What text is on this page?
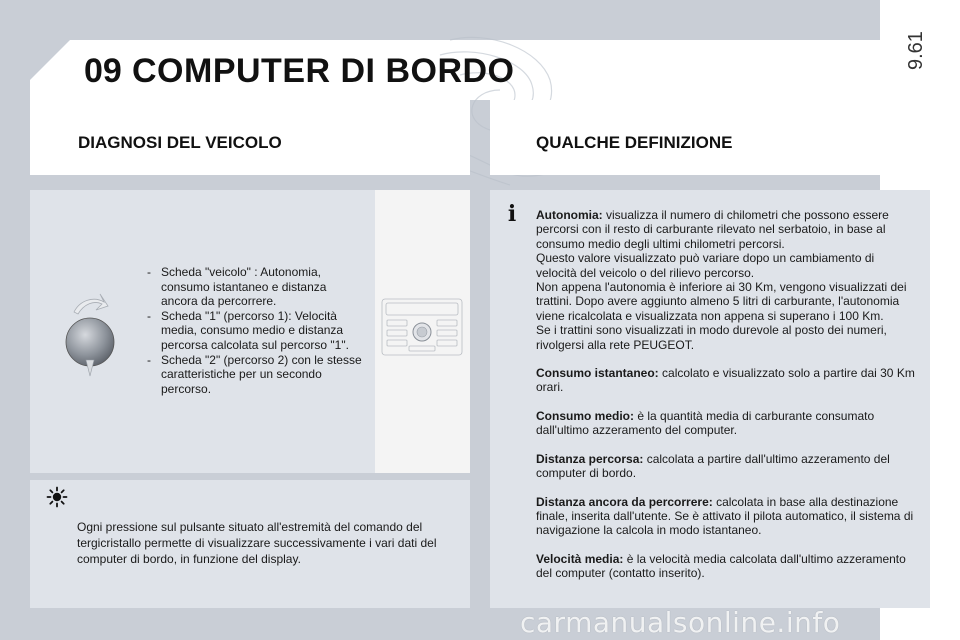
09 COMPUTER DI BORDO
9.61
DIAGNOSI DEL VEICOLO	QUALCHE DEFINIZIONE
- Scheda "veicolo" : Autonomia, consumo istantaneo e distanza ancora da percorrere.
- Scheda "1" (percorso 1): Velocità media, consumo medio e distanza percorsa calcolata sul percorso "1".
- Scheda "2" (percorso 2) con le stesse caratteristiche per un secondo percorso.
Ogni pressione sul pulsante situato all'estremità del comando del tergicristallo permette di visualizzare successivamente i vari dati del computer di bordo, in funzione del display.
i	Autonomia: visualizza il numero di chilometri che possono essere percorsi con il resto di carburante rilevato nel serbatoio, in base al consumo medio degli ultimi chilometri percorsi.
Questo valore visualizzato può variare dopo un cambiamento di velocità del veicolo o del rilievo percorso.
Non appena l'autonomia è inferiore ai 30 Km, vengono visualizzati dei trattini. Dopo avere aggiunto almeno 5 litri di carburante, l'autonomia viene ricalcolata e visualizzata non appena si superano i 100 Km.
Se i trattini sono visualizzati in modo durevole al posto dei numeri, rivolgersi alla rete PEUGEOT.
Consumo istantaneo: calcolato e visualizzato solo a partire dai 30 Km orari.
Consumo medio: è la quantità media di carburante consumato dall'ultimo azzeramento del computer.
Distanza percorsa: calcolata a partire dall'ultimo azzeramento del computer di bordo.
Distanza ancora da percorrere: calcolata in base alla destinazione finale, inserita dall'utente. Se è attivato il pilota automatico, il sistema di navigazione la calcola in modo istantaneo.
Velocità media: è la velocità media calcolata dall'ultimo azzeramento del computer (contatto inserito).
carmanualsonline.info
